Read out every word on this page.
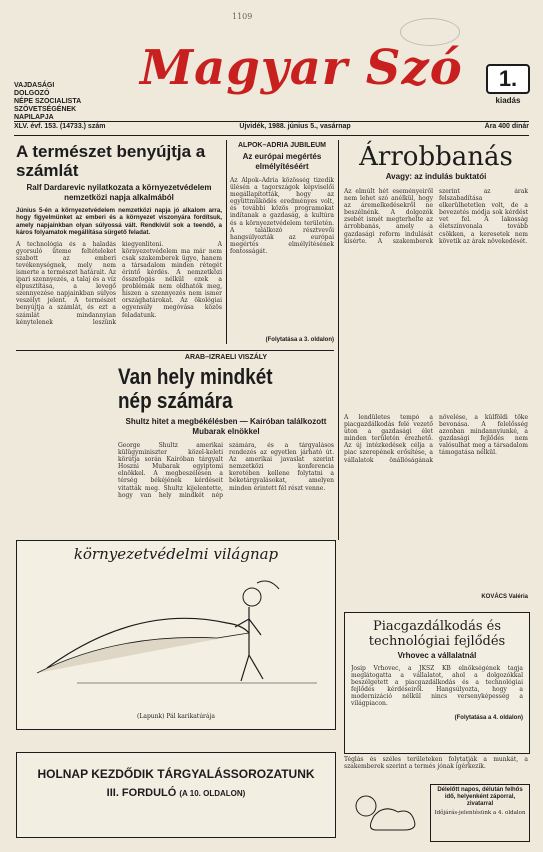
1109
VAJDASÁGI DOLGOZÓ
NÉPE SZOCIALISTA
SZÖVETSÉGÉNEK
NAPILAPJA
Magyar Szó	1.
kiadás
XLV. évf. 153. (14733.) szám	Újvidék, 1988. június 5., vasárnap	Ára 400 dinár
A természet benyújtja a számlát
Ralf Dardarevic nyilatkozata a környezetvédelem nemzetközi napja alkalmából
Június 5-én a környezetvédelem nemzetközi napja jó alkalom arra, hogy figyelmünket az emberi és a környezet viszonyára fordítsuk, amely napjainkban olyan súlyossá vált. Rendkívül sok a teendő, a káros folyamatok megállítása sürgető feladat.
A technológia és a haladás gyorsuló üteme feltételeket szabott az emberi tevékenységnek, mely nem ismerte a természet határait. Az ipari szennyezés, a talaj és a víz elpusztítása, a levegő szennyezése napjainkban súlyos veszélyt jelent. A természet benyújtja a számlát, és ezt a számlát mindannyian kénytelenek leszünk kiegyenlíteni. A környezetvédelem ma már nem csak szakemberek ügye, hanem a társadalom minden rétegét érintő kérdés. A nemzetközi összefogás nélkül ezek a problémák nem oldhatók meg, hiszen a szennyezés nem ismer országhatárokat. Az ökológiai egyensúly megóvása közös feladatunk.
ALPOK–ADRIA JUBILEUM
Az európai megértés elmélyítéséért
Az Alpok–Adria közösség tizedik ülésén a tagországok képviselői megállapították, hogy az együttműködés eredményes volt, és további közös programokat indítanak a gazdaság, a kultúra és a környezetvédelem területén. A találkozó résztvevői hangsúlyozták az európai megértés elmélyítésének fontosságát.
(Folytatása a 3. oldalon)
ARAB–IZRAELI VISZÁLY
Van hely mindkét nép számára
Shultz hitet a megbékélésben — Kairóban találkozott Mubarak elnökkel
George Shultz amerikai külügyminiszter közel-keleti körútja során Kairóban tárgyalt Hoszni Mubarak egyiptomi elnökkel. A megbeszélésen a térség békéjének kérdéseit vitatták meg. Shultz kijelentette, hogy van hely mindkét nép számára, és a tárgyalásos rendezés az egyetlen járható út. Az amerikai javaslat szerint nemzetközi konferencia keretében kellene folytatni a béketárgyalásokat, amelyen minden érintett fél részt venne.
Árrobbanás
Avagy: az indulás buktatói
Az elmúlt hét eseményeiről nem lehet szó anélkül, hogy az áremelkedésekről ne beszélnénk. A dolgozók zsebét ismét megterhelte az árrobbanás, amely a gazdasági reform indulását kísérte. A szakemberek szerint az árak felszabadítása elkerülhetetlen volt, de a bevezetés módja sok kérdést vet fel. A lakosság életszínvonala tovább csökken, a keresetek nem követik az árak növekedését.
A lendületes tempó a piacgazdálkodás felé vezető úton a gazdasági élet minden területén érezhető. Az új intézkedések célja a piac szerepének erősítése, a vállalatok önállóságának növelése, a külföldi tőke bevonása. A felelősség azonban mindannyiunké, a gazdasági fejlődés nem valósulhat meg a társadalom támogatása nélkül.
KOVÁCS Valéria
környezetvédelmi világnap
(Lapunk) Pál karikatúrája
Piacgazdálkodás és technológiai fejlődés
Vrhovec a vállalatnál
Josip Vrhovec, a JKSZ KB elnökségének tagja meglátogatta a vállalatot, ahol a dolgozókkal beszélgetett a piacgazdálkodás és a technológiai fejlődés kérdéseiről. Hangsúlyozta, hogy a modernizáció nélkül nincs versenyképesség a világpiacon.
(Folytatása a 4. oldalon)
Téglás és széles területeken folytatják a munkát, a szakemberek szerint a termés jónak ígérkezik.
Délelőtt napos, délután felhős idő, helyenként záporral, zivatarral
Időjárás-jelentésünk a 4. oldalon
HOLNAP KEZDŐDIK TÁRGYALÁSSOROZATUNK
III. FORDULÓ (A 10. OLDALON)
